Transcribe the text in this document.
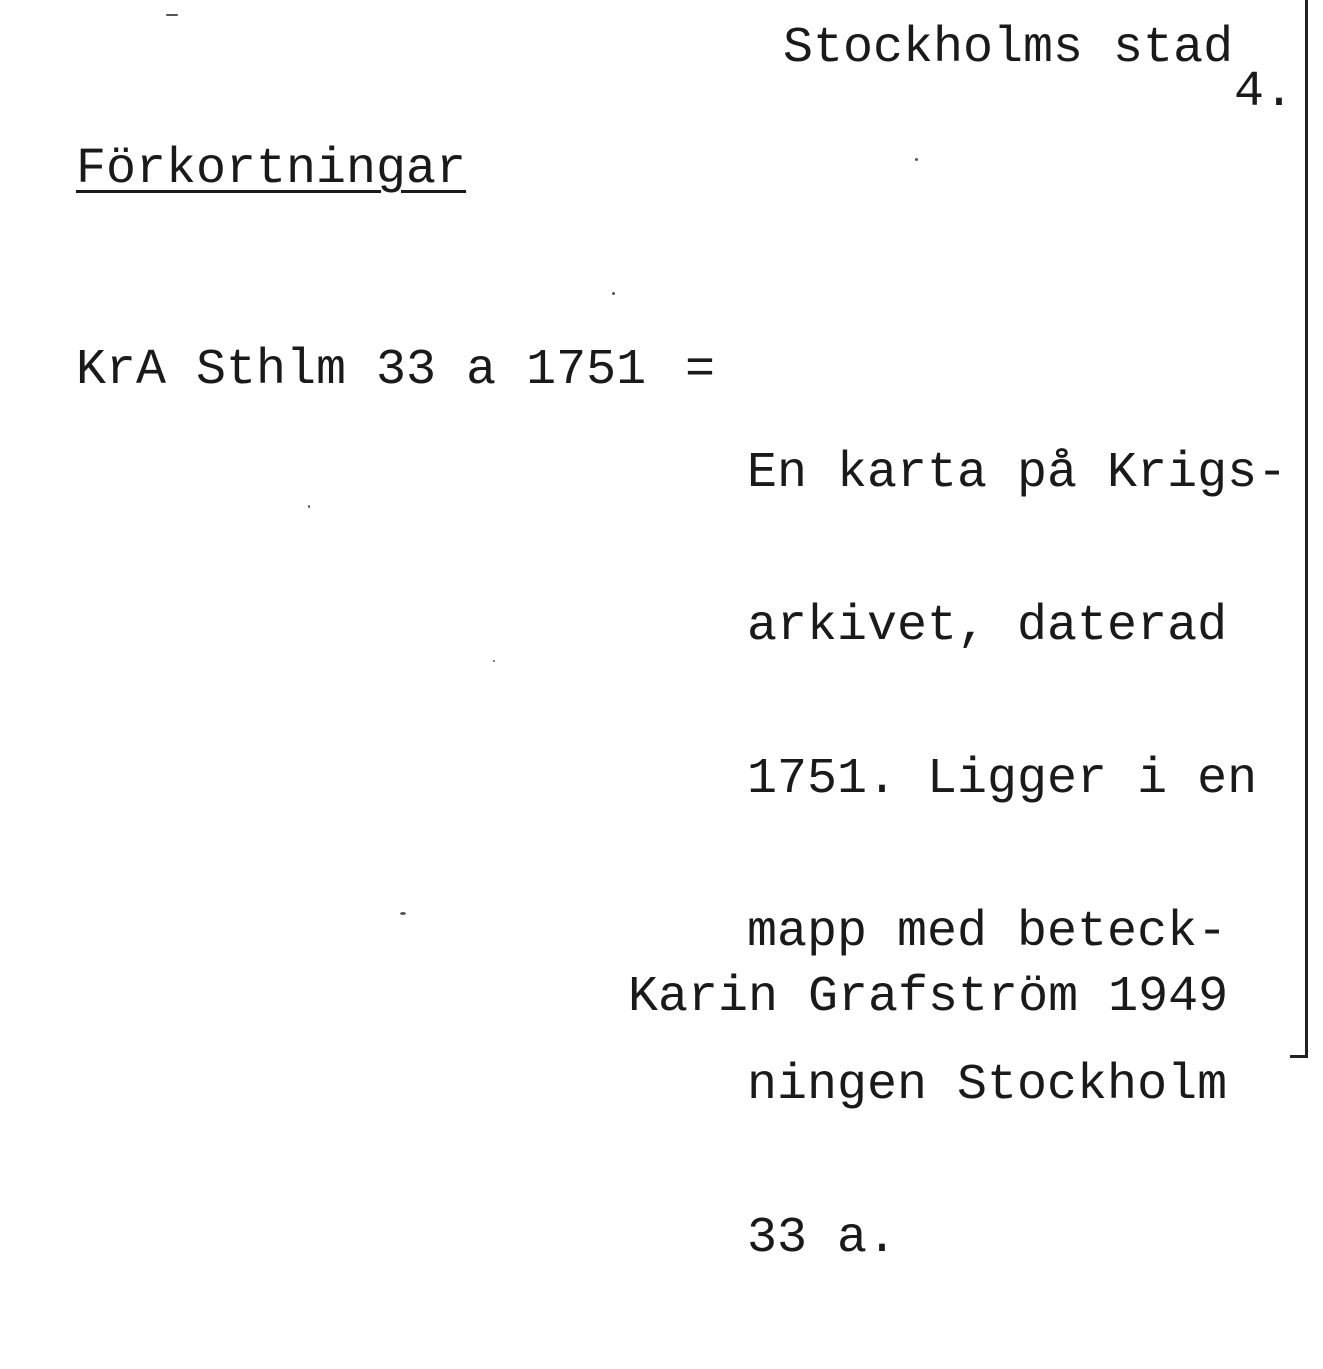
Stockholms stad
4.
Förkortningar
KrA Sthlm 33 a 1751 =

En karta på Krigs-

arkivet, daterad

1751. Ligger i en

mapp med beteck-

ningen Stockholm

33 a.

Karin Grafström 1949
